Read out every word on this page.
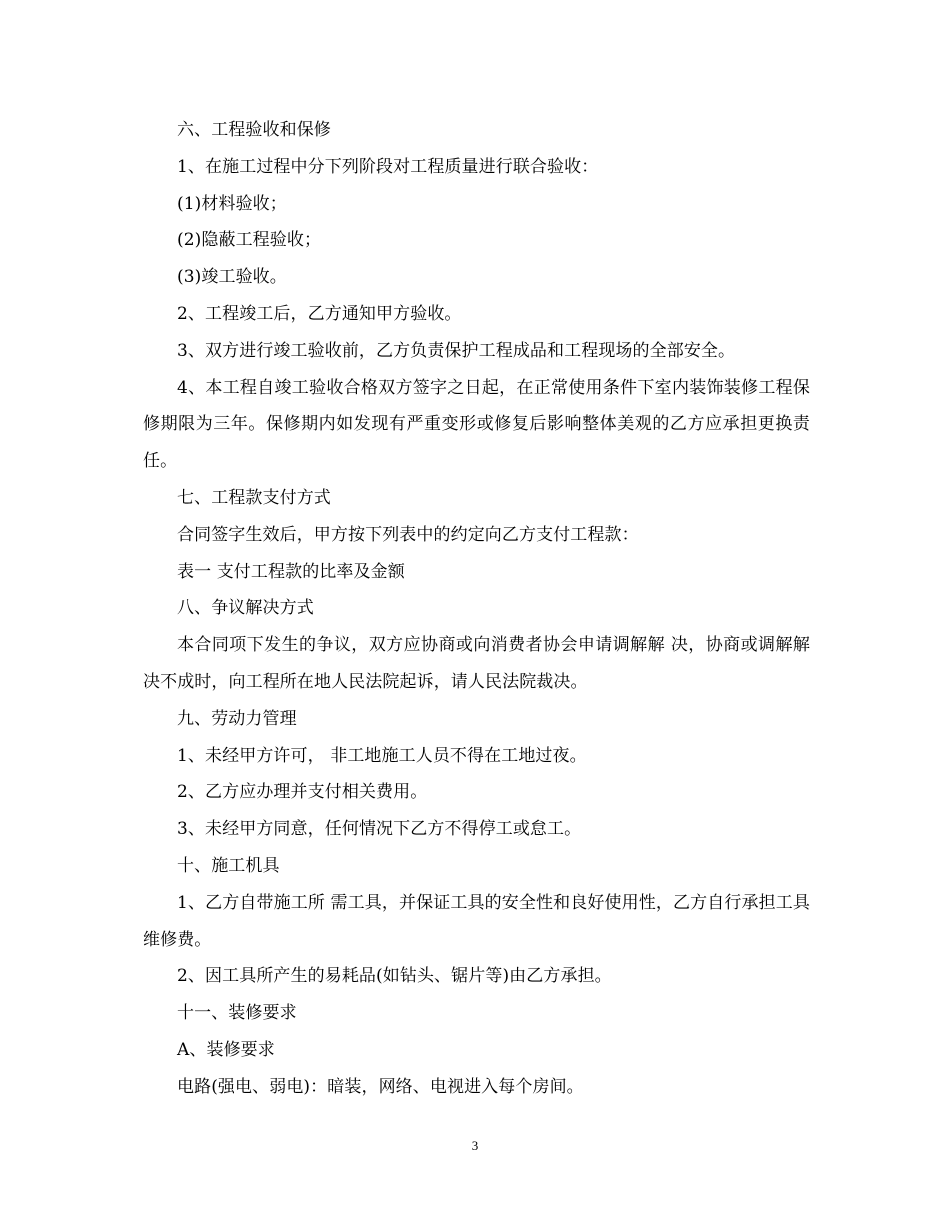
六、工程验收和保修

1、在施工过程中分下列阶段对工程质量进行联合验收：

(1)材料验收；

(2)隐蔽工程验收；

(3)竣工验收。

2、工程竣工后，乙方通知甲方验收。

3、双方进行竣工验收前，乙方负责保护工程成品和工程现场的全部安全。

4、本工程自竣工验收合格双方签字之日起，在正常使用条件下室内装饰装修工程保修期限为三年。保修期内如发现有严重变形或修复后影响整体美观的乙方应承担更换责任。

七、工程款支付方式

合同签字生效后，甲方按下列表中的约定向乙方支付工程款：

表一 支付工程款的比率及金额

八、争议解决方式

本合同项下发生的争议，双方应协商或向消费者协会申请调解解 决，协商或调解解决不成时，向工程所在地人民法院起诉，请人民法院裁决。

九、劳动力管理

1、未经甲方许可， 非工地施工人员不得在工地过夜。

2、乙方应办理并支付相关费用。

3、未经甲方同意，任何情况下乙方不得停工或怠工。

十、施工机具

1、乙方自带施工所 需工具，并保证工具的安全性和良好使用性，乙方自行承担工具维修费。

2、因工具所产生的易耗品(如钻头、锯片等)由乙方承担。

十一、装修要求

A、装修要求

电路(强电、弱电)：暗装，网络、电视进入每个房间。

3
